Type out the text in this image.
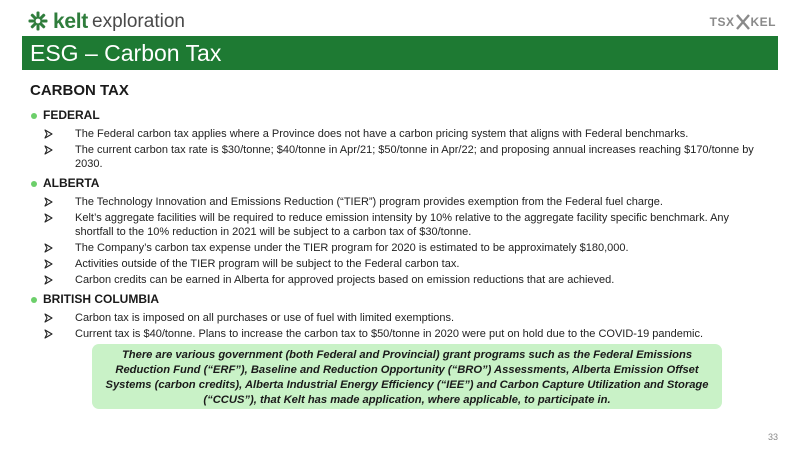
kelt exploration	TSX KEL
ESG – Carbon Tax
CARBON TAX
FEDERAL
The Federal carbon tax applies where a Province does not have a carbon pricing system that aligns with Federal benchmarks.
The current carbon tax rate is $30/tonne; $40/tonne in Apr/21; $50/tonne in Apr/22; and proposing annual increases reaching $170/tonne by 2030.
ALBERTA
The Technology Innovation and Emissions Reduction (“TIER”) program provides exemption from the Federal fuel charge.
Kelt’s aggregate facilities will be required to reduce emission intensity by 10% relative to the aggregate facility specific benchmark. Any shortfall to the 10% reduction in 2021 will be subject to a carbon tax of $30/tonne.
The Company’s carbon tax expense under the TIER program for 2020 is estimated to be approximately $180,000.
Activities outside of the TIER program will be subject to the Federal carbon tax.
Carbon credits can be earned in Alberta for approved projects based on emission reductions that are achieved.
BRITISH COLUMBIA
Carbon tax is imposed on all purchases or use of fuel with limited exemptions.
Current tax is $40/tonne. Plans to increase the carbon tax to $50/tonne in 2020 were put on hold due to the COVID-19 pandemic.
There are various government (both Federal and Provincial) grant programs such as the Federal Emissions Reduction Fund (“ERF”), Baseline and Reduction Opportunity (“BRO”) Assessments, Alberta Emission Offset Systems (carbon credits), Alberta Industrial Energy Efficiency (“IEE”) and Carbon Capture Utilization and Storage (“CCUS”), that Kelt has made application, where applicable, to participate in.
33
